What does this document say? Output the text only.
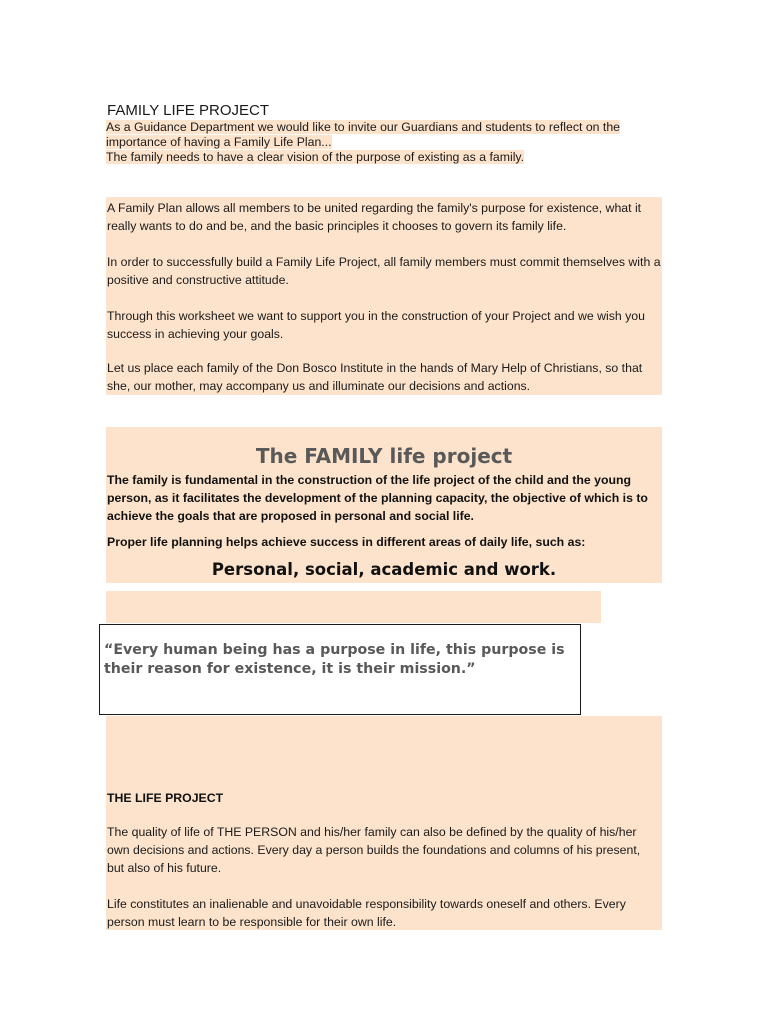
FAMILY LIFE PROJECT
As a Guidance Department we would like to invite our Guardians and students to reflect on the
importance of having a Family Life Plan...
The family needs to have a clear vision of the purpose of existing as a family.

A Family Plan allows all members to be united regarding the family's purpose for existence, what it really wants to do and be, and the basic principles it chooses to govern its family life.

In order to successfully build a Family Life Project, all family members must commit themselves with a positive and constructive attitude.

Through this worksheet we want to support you in the construction of your Project and we wish you success in achieving your goals.

Let us place each family of the Don Bosco Institute in the hands of Mary Help of Christians, so that she, our mother, may accompany us and illuminate our decisions and actions.

The FAMILY life project

The family is fundamental in the construction of the life project of the child and the young person, as it facilitates the development of the planning capacity, the objective of which is to achieve the goals that are proposed in personal and social life.

Proper life planning helps achieve success in different areas of daily life, such as:

Personal, social, academic and work.

“Every human being has a purpose in life, this purpose is their reason for existence, it is their mission.”

THE LIFE PROJECT

The quality of life of THE PERSON and his/her family can also be defined by the quality of his/her own decisions and actions. Every day a person builds the foundations and columns of his present, but also of his future.

Life constitutes an inalienable and unavoidable responsibility towards oneself and others. Every person must learn to be responsible for their own life.
